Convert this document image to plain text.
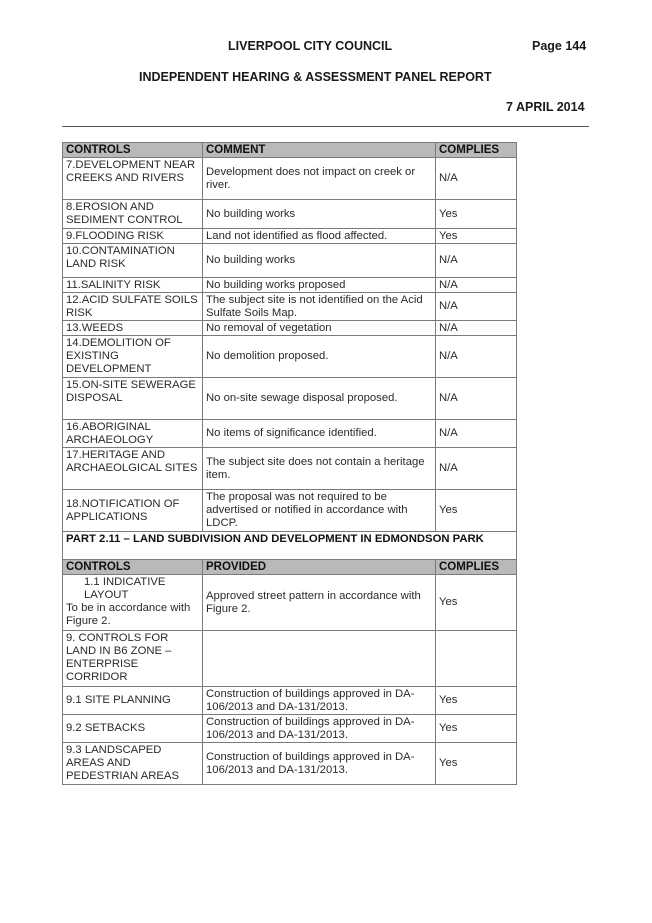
LIVERPOOL CITY COUNCIL	Page 144
INDEPENDENT HEARING & ASSESSMENT PANEL REPORT
7 APRIL 2014
CONTROLS	COMMENT	COMPLIES
7.DEVELOPMENT NEAR CREEKS AND RIVERS	Development does not impact on creek or river.	N/A
8.EROSION AND SEDIMENT CONTROL	No building works	Yes
9.FLOODING RISK	Land not identified as flood affected.	Yes
10.CONTAMINATION LAND RISK	No building works	N/A
11.SALINITY RISK	No building works proposed	N/A
12.ACID SULFATE SOILS RISK	The subject site is not identified on the Acid Sulfate Soils Map.	N/A
13.WEEDS	No removal of vegetation	N/A
14.DEMOLITION OF EXISTING DEVELOPMENT	No demolition proposed.	N/A
15.ON-SITE SEWERAGE DISPOSAL	No on-site sewage disposal proposed.	N/A
16.ABORIGINAL ARCHAEOLOGY	No items of significance identified.	N/A
17.HERITAGE AND ARCHAEOLGICAL SITES	The subject site does not contain a heritage item.	N/A
18.NOTIFICATION OF APPLICATIONS	The proposal was not required to be advertised or notified in accordance with LDCP.	Yes
PART 2.11 – LAND SUBDIVISION AND DEVELOPMENT IN EDMONDSON PARK		
CONTROLS	PROVIDED	COMPLIES

1.1 INDICATIVE LAYOUT
To be in accordance with Figure 2.	Approved street pattern in accordance with Figure 2.	Yes
9. CONTROLS FOR LAND IN B6 ZONE – ENTERPRISE CORRIDOR		
9.1 SITE PLANNING	Construction of buildings approved in DA-106/2013 and DA-131/2013.	Yes
9.2 SETBACKS	Construction of buildings approved in DA-106/2013 and DA-131/2013.	Yes
9.3 LANDSCAPED AREAS AND PEDESTRIAN AREAS	Construction of buildings approved in DA-106/2013 and DA-131/2013.	Yes
